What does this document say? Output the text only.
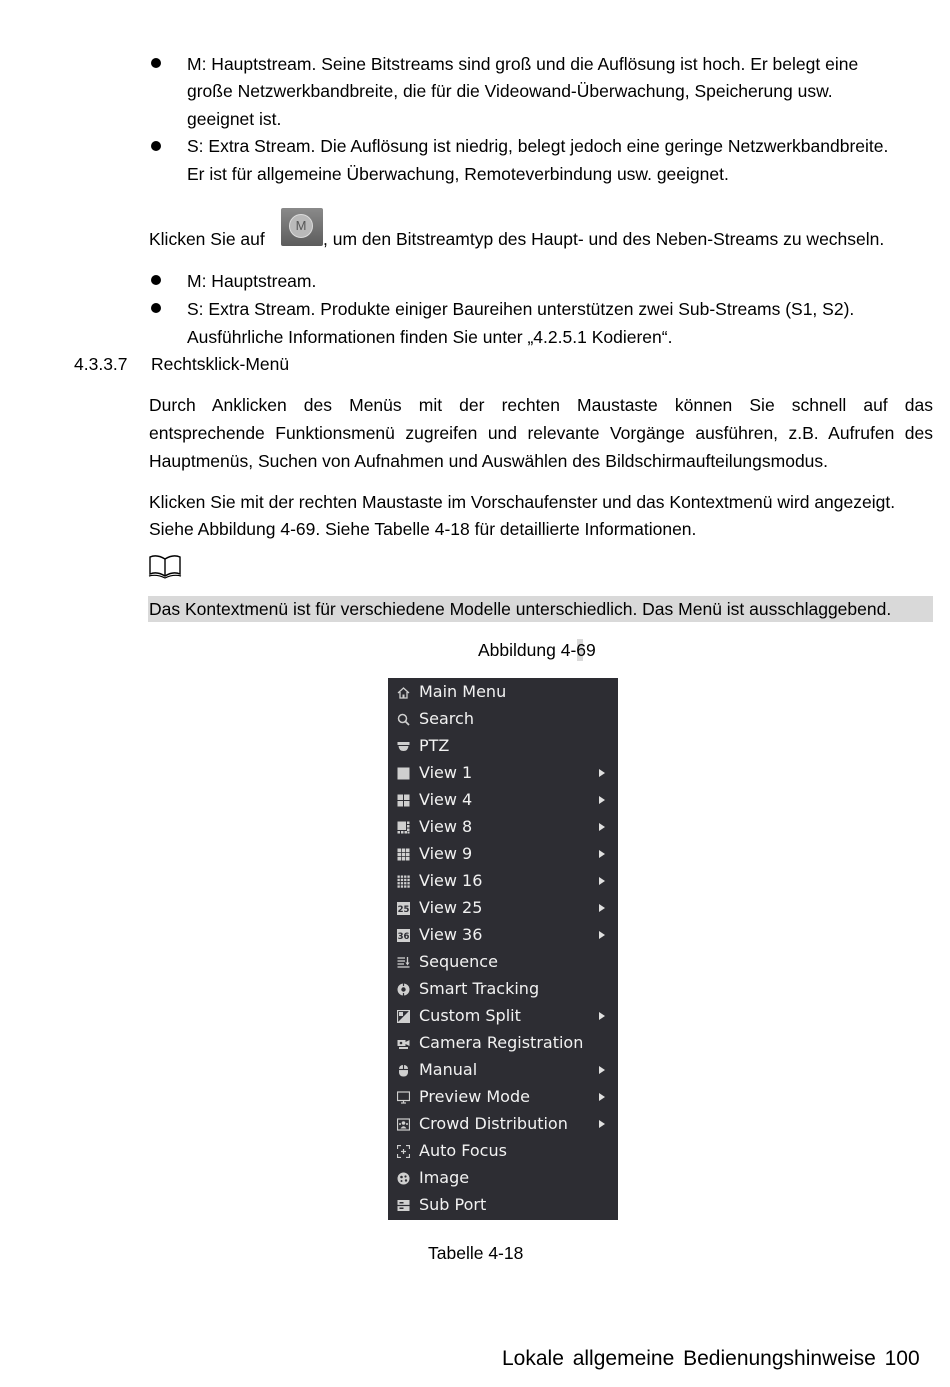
M: Hauptstream. Seine Bitstreams sind groß und die Auflösung ist hoch. Er belegt eine
große Netzwerkbandbreite, die für die Videowand-Überwachung, Speicherung usw.
geeignet ist.
S: Extra Stream. Die Auflösung ist niedrig, belegt jedoch eine geringe Netzwerkbandbreite.
Er ist für allgemeine Überwachung, Remoteverbindung usw. geeignet.
Klicken Sie auf
M
, um den Bitstreamtyp des Haupt- und des Neben-Streams zu wechseln.
M: Hauptstream.
S: Extra Stream. Produkte einiger Baureihen unterstützen zwei Sub-Streams (S1, S2).
Ausführliche Informationen finden Sie unter „4.2.5.1 Kodieren“.
4.3.3.7 Rechtsklick-Menü
Durch Anklicken des Menüs mit der rechten Maustaste können Sie schnell auf das
entsprechende Funktionsmenü zugreifen und relevante Vorgänge ausführen, z.B. Aufrufen des
Hauptmenüs, Suchen von Aufnahmen und Auswählen des Bildschirmaufteilungsmodus.
Klicken Sie mit der rechten Maustaste im Vorschaufenster und das Kontextmenü wird angezeigt.
Siehe Abbildung 4-69. Siehe Tabelle 4-18 für detaillierte Informationen.
Das Kontextmenü ist für verschiedene Modelle unterschiedlich. Das Menü ist ausschlaggebend.
Abbildung 4-69
Main Menu
Search
PTZ
View 1
View 4
View 8
View 9
View 16
25 View 25
36 View 36
Sequence
Smart Tracking
Custom Split
Camera Registration
Manual
Preview Mode
Crowd Distribution
Auto Focus
Image
Sub Port
Tabelle 4-18
Lokale allgemeine Bedienungshinweise 100
